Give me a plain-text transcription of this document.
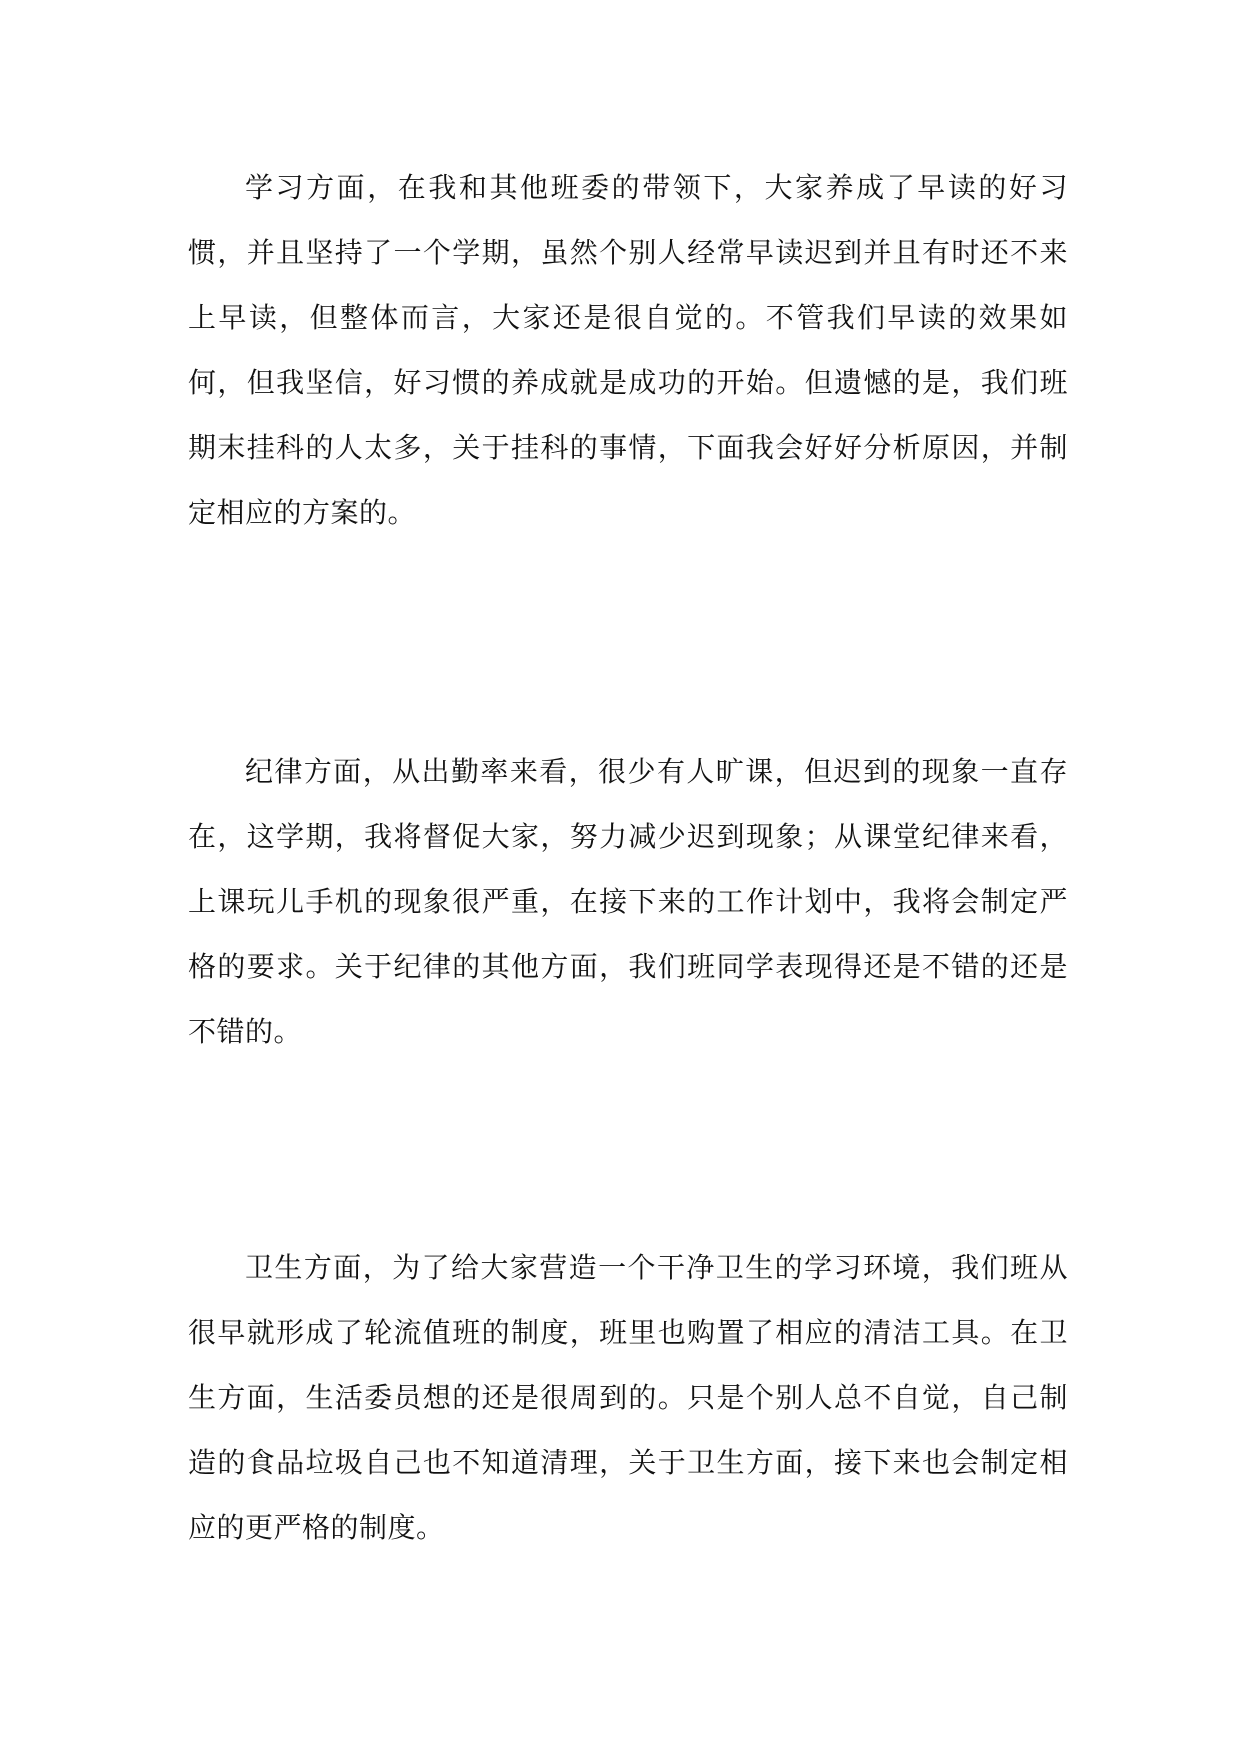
学习方面，在我和其他班委的带领下，大家养成了早读的好习惯，并且坚持了一个学期，虽然个别人经常早读迟到并且有时还不来上早读，但整体而言，大家还是很自觉的。不管我们早读的效果如何，但我坚信，好习惯的养成就是成功的开始。但遗憾的是，我们班期末挂科的人太多，关于挂科的事情，下面我会好好分析原因，并制定相应的方案的。

纪律方面，从出勤率来看，很少有人旷课，但迟到的现象一直存在，这学期，我将督促大家，努力减少迟到现象；从课堂纪律来看，上课玩儿手机的现象很严重，在接下来的工作计划中，我将会制定严格的要求。关于纪律的其他方面，我们班同学表现得还是不错的还是不错的。

卫生方面，为了给大家营造一个干净卫生的学习环境，我们班从很早就形成了轮流值班的制度，班里也购置了相应的清洁工具。在卫生方面，生活委员想的还是很周到的。只是个别人总不自觉，自己制造的食品垃圾自己也不知道清理，关于卫生方面，接下来也会制定相应的更严格的制度。
